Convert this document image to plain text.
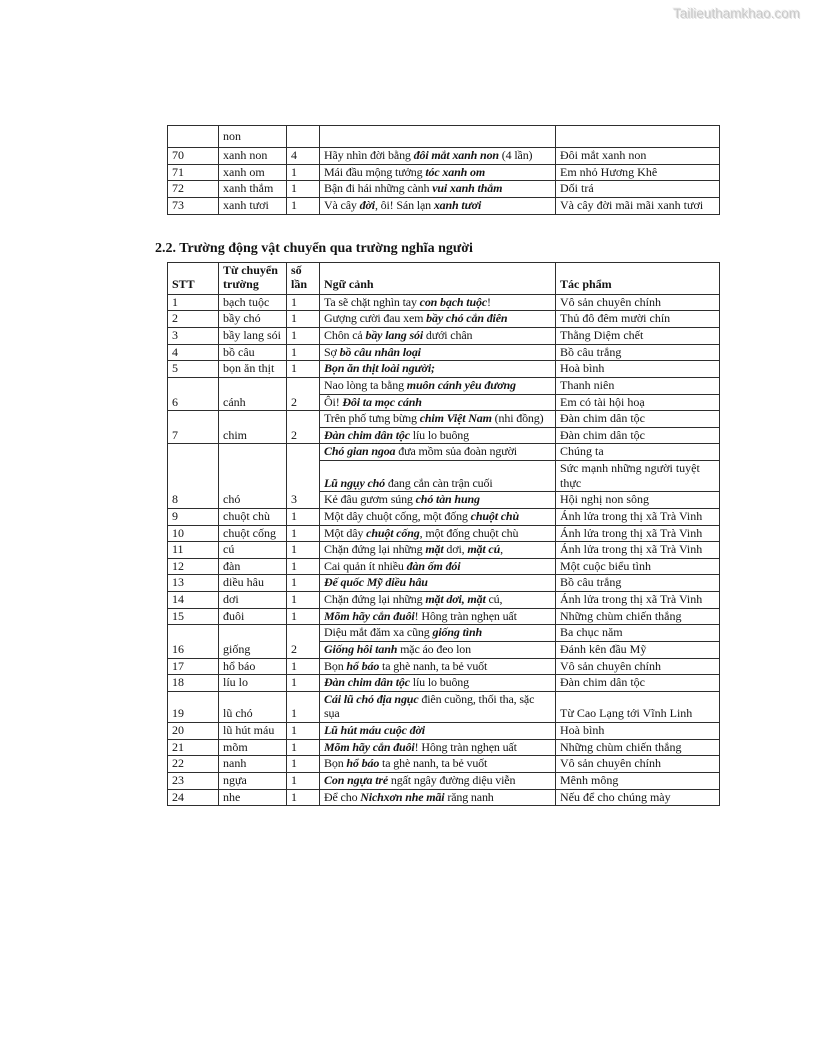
Tailieuthamkhao.com
	non			
70	xanh non	4	Hãy nhìn đời bằng đôi mắt xanh non (4 lần)	Đôi mắt xanh non
71	xanh om	1	Mái đầu mộng tưởng tóc xanh om	Em nhỏ Hương Khê
72	xanh thắm	1	Bận đi hái những cành vui xanh thắm	Dối trá
73	xanh tươi	1	Và cây đời, ôi! Sán lạn xanh tươi	Và cây đời mãi mãi xanh tươi
2.2. Trường động vật chuyển qua trường nghĩa người
STT	Từ chuyển trường	số lần	Ngữ cảnh	Tác phẩm
1	bạch tuộc	1	Ta sẽ chặt nghìn tay con bạch tuộc!	Vô sản chuyên chính
2	bầy chó	1	Gượng cười đau xem bầy chó cắn điên	Thủ đô đêm mười chín
3	bầy lang sói	1	Chôn cả bầy lang sói dưới chân	Thằng Diệm chết
4	bồ câu	1	Sợ bồ câu nhân loại	Bồ câu trắng
5	bọn ăn thịt	1	Bọn ăn thịt loài người;	Hoà bình
6	cánh	2	Nao lòng ta bằng muôn cánh yêu đương	Thanh niên
			Ôi! Đôi ta mọc cánh	Em có tài hội hoạ
7	chim	2	Trên phố tưng bừng chim Việt Nam (nhi đồng)	Đàn chim dân tộc
			Đàn chim dân tộc líu lo buông	Đàn chim dân tộc
8	chó	3	Chó gian ngoa đưa mồm sủa đoàn người	Chúng ta
			Lũ ngụy chó đang cắn càn trận cuối	Sức mạnh những người tuyệt thực
			Kẻ đâu gươm súng chó tàn hung	Hội nghị non sông
9	chuột chù	1	Một dây chuột cống, một đống chuột chù	Ánh lửa trong thị xã Trà Vinh
10	chuột cống	1	Một dây chuột cống, một đống chuột chù	Ánh lửa trong thị xã Trà Vinh
11	cú	1	Chặn đứng lại những mặt dơi, mặt cú,	Ánh lửa trong thị xã Trà Vinh
12	đàn	1	Cai quản ít nhiều đàn ốm đói	Một cuộc biểu tình
13	diều hâu	1	Đế quốc Mỹ diều hâu	Bồ câu trắng
14	dơi	1	Chặn đứng lại những mặt dơi, mặt cú,	Ánh lửa trong thị xã Trà Vinh
15	đuôi	1	Mõm hãy cắn đuôi! Hông tràn nghẹn uất	Những chùm chiến thắng
16	giống	2	Diệu mắt đăm xa cũng giống tình	Ba chục năm
			Giống hôi tanh mặc áo đeo lon	Đánh kên đầu Mỹ
17	hổ báo	1	Bọn hổ báo ta ghè nanh, ta bẻ vuốt	Vô sản chuyên chính
18	líu lo	1	Đàn chim dân tộc líu lo buông	Đàn chim dân tộc
19	lũ chó	1	Cái lũ chó địa ngục điên cuồng, thối tha, sặc sụa	Từ Cao Lạng tới Vĩnh Linh
20	lũ hút máu	1	Lũ hút máu cuộc đời	Hoà bình
21	mõm	1	Mõm hãy cắn đuôi! Hông tràn nghẹn uất	Những chùm chiến thắng
22	nanh	1	Bọn hổ báo ta ghè nanh, ta bẻ vuốt	Vô sản chuyên chính
23	ngựa	1	Con ngựa trẻ ngất ngây đường diệu viễn	Mênh mông
24	nhe	1	Để cho Nichxơn nhe mãi răng nanh	Nếu để cho chúng mày
